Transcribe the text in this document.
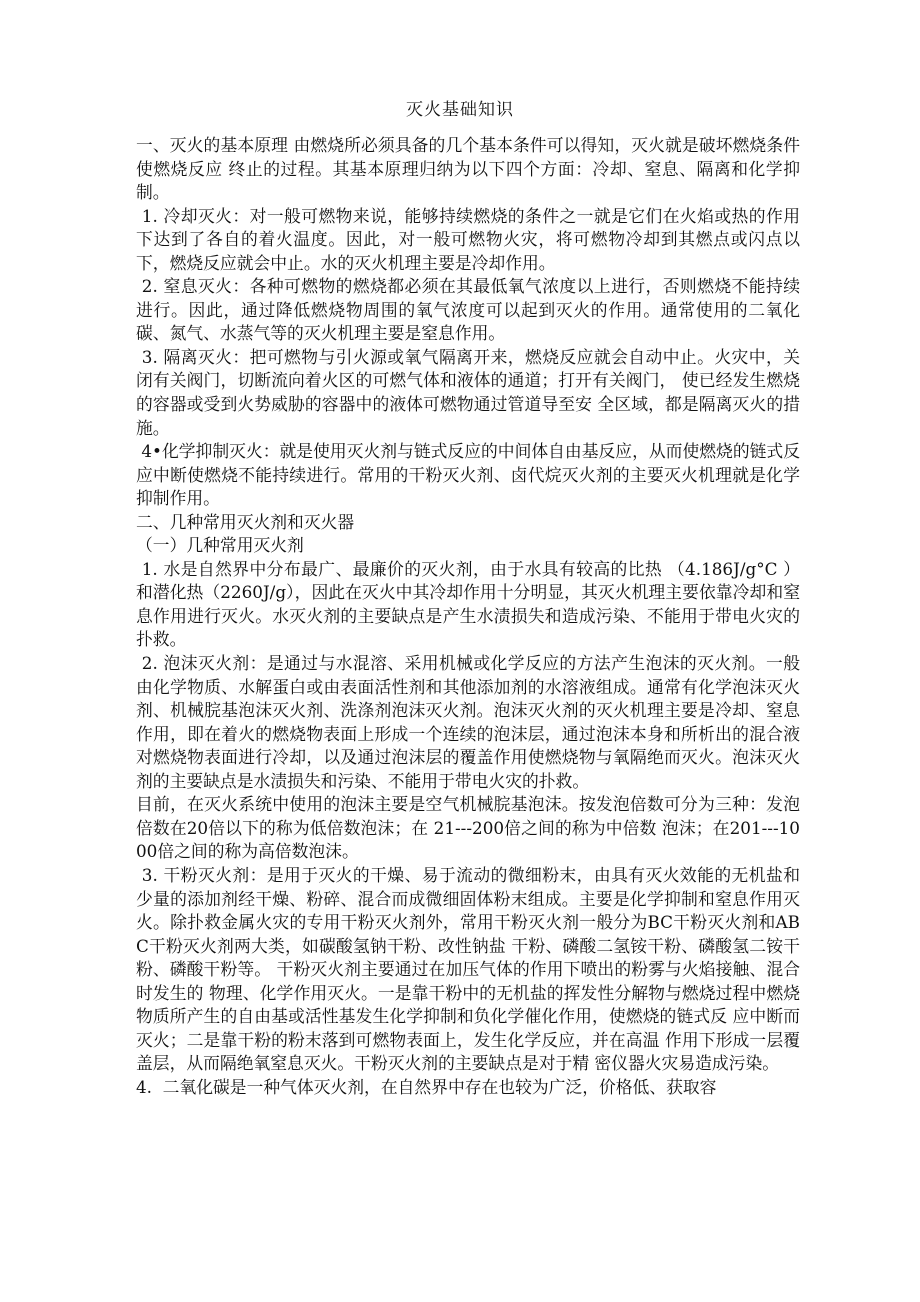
灭火基础知识

一、灭火的基本原理 由燃烧所必须具备的几个基本条件可以得知，灭火就是破坏燃烧条件使燃烧反应 终止的过程。其基本原理归纳为以下四个方面：冷却、窒息、隔离和化学抑制。

1. 冷却灭火：对一般可燃物来说，能够持续燃烧的条件之一就是它们在火焰或热的作用下达到了各自的着火温度。因此，对一般可燃物火灾，将可燃物冷却到其燃点或闪点以下，燃烧反应就会中止。水的灭火机理主要是冷却作用。

2. 窒息灭火：各种可燃物的燃烧都必须在其最低氧气浓度以上进行，否则燃烧不能持续进行。因此，通过降低燃烧物周围的氧气浓度可以起到灭火的作用。通常使用的二氧化碳、氮气、水蒸气等的灭火机理主要是窒息作用。

3. 隔离灭火：把可燃物与引火源或氧气隔离开来，燃烧反应就会自动中止。火灾中，关闭有关阀门，切断流向着火区的可燃气体和液体的通道；打开有关阀门， 使已经发生燃烧的容器或受到火势威胁的容器中的液体可燃物通过管道导至安 全区域，都是隔离灭火的措施。

4•化学抑制灭火：就是使用灭火剂与链式反应的中间体自由基反应，从而使燃烧的链式反应中断使燃烧不能持续进行。常用的干粉灭火剂、卤代烷灭火剂的主要灭火机理就是化学抑制作用。

二、几种常用灭火剂和灭火器

（一）几种常用灭火剂

1. 水是自然界中分布最广、最廉价的灭火剂，由于水具有较高的比热 （4.186J/g°C ）和潜化热（2260J/g），因此在灭火中其冷却作用十分明显，其灭火机理主要依靠冷却和窒息作用进行灭火。水灭火剂的主要缺点是产生水渍损失和造成污染、不能用于带电火灾的扑救。

2. 泡沫灭火剂：是通过与水混溶、采用机械或化学反应的方法产生泡沫的灭火剂。一般由化学物质、水解蛋白或由表面活性剂和其他添加剂的水溶液组成。通常有化学泡沫灭火剂、机械脘基泡沫灭火剂、洗涤剂泡沫灭火剂。泡沫灭火剂的灭火机理主要是冷却、窒息作用，即在着火的燃烧物表面上形成一个连续的泡沫层，通过泡沫本身和所析出的混合液对燃烧物表面进行冷却，以及通过泡沫层的覆盖作用使燃烧物与氧隔绝而灭火。泡沫灭火剂的主要缺点是水渍损失和污染、不能用于带电火灾的扑救。

目前，在灭火系统中使用的泡沫主要是空气机械脘基泡沫。按发泡倍数可分为三种：发泡倍数在20倍以下的称为低倍数泡沫；在 21---200倍之间的称为中倍数 泡沫；在201---1000倍之间的称为高倍数泡沫。

3. 干粉灭火剂：是用于灭火的干燥、易于流动的微细粉末，由具有灭火效能的无机盐和少量的添加剂经干燥、粉碎、混合而成微细固体粉末组成。主要是化学抑制和窒息作用灭火。除扑救金属火灾的专用干粉灭火剂外，常用干粉灭火剂一般分为BC干粉灭火剂和ABC干粉灭火剂两大类，如碳酸氢钠干粉、改性钠盐 干粉、磷酸二氢铵干粉、磷酸氢二铵干粉、磷酸干粉等。 干粉灭火剂主要通过在加压气体的作用下喷出的粉雾与火焰接触、混合时发生的 物理、化学作用灭火。一是靠干粉中的无机盐的挥发性分解物与燃烧过程中燃烧 物质所产生的自由基或活性基发生化学抑制和负化学催化作用，使燃烧的链式反 应中断而灭火；二是靠干粉的粉末落到可燃物表面上，发生化学反应，并在高温 作用下形成一层覆盖层，从而隔绝氧窒息灭火。干粉灭火剂的主要缺点是对于精 密仪器火灾易造成污染。

4.  二氧化碳是一种气体灭火剂，在自然界中存在也较为广泛，价格低、获取容
